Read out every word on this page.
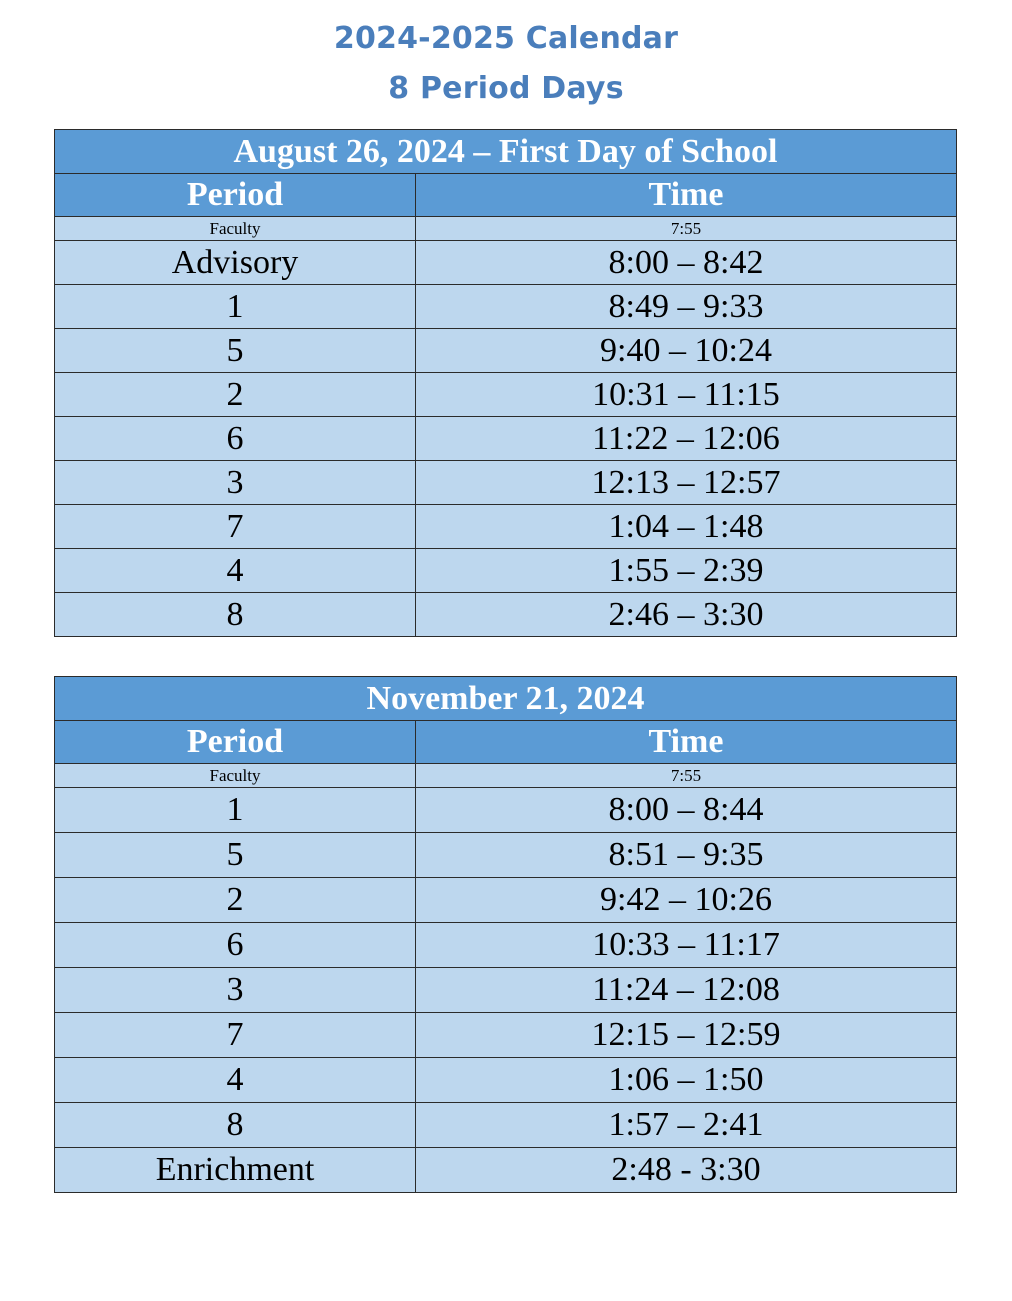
2024-2025 Calendar
8 Period Days
August 26, 2024 – First Day of School	
Period	Time
Faculty	7:55
Advisory	8:00 – 8:42
1	8:49 – 9:33
5	9:40 – 10:24
2	10:31 – 11:15
6	11:22 – 12:06
3	12:13 – 12:57
7	1:04 – 1:48
4	1:55 – 2:39
8	2:46 – 3:30
November 21, 2024	
Period	Time
Faculty	7:55
1	8:00 – 8:44
5	8:51 – 9:35
2	9:42 – 10:26
6	10:33 – 11:17
3	11:24 – 12:08
7	12:15 – 12:59
4	1:06 – 1:50
8	1:57 – 2:41
Enrichment	2:48 - 3:30
